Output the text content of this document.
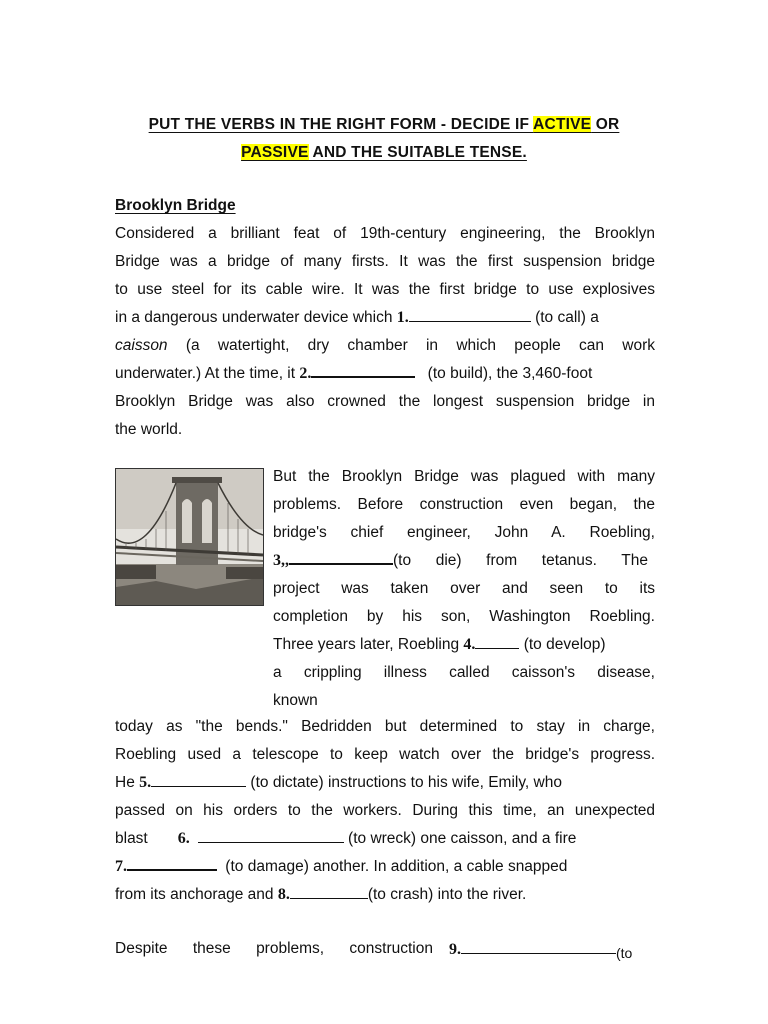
PUT THE VERBS IN THE RIGHT FORM - DECIDE IF ACTIVE OR
PASSIVE AND THE SUITABLE TENSE.
Brooklyn Bridge
Considered a brilliant feat of 19th-century engineering, the Brooklyn
Bridge was a bridge of many firsts. It was the first suspension bridge
to use steel for its cable wire. It was the first bridge to use explosives
in a dangerous underwater device which 1.	(to call) a
caisson (a watertight, dry chamber in which people can work
underwater.) At the time, it 2.	(to build), the 3,460-foot
Brooklyn Bridge was also crowned the longest suspension bridge in
the world.
But the Brooklyn Bridge was plagued with many
problems. Before construction even began, the
bridge's chief engineer, John A. Roebling,
3,,	(to die) from tetanus. The
project was taken over and seen to its
completion by his son, Washington Roebling.
Three years later, Roebling 4.	(to develop)
a crippling illness called caisson's disease,
known
today as "the bends." Bedridden but determined to stay in charge,
Roebling used a telescope to keep watch over the bridge's progress.
He 5.	(to dictate) instructions to his wife, Emily, who
passed on his orders to the workers. During this time, an unexpected
blast 6.	(to wreck) one caisson, and a fire
7.	(to damage) another. In addition, a cable snapped
from its anchorage and 8.	(to crash) into the river.
Despite these problems, construction 9.	(to
